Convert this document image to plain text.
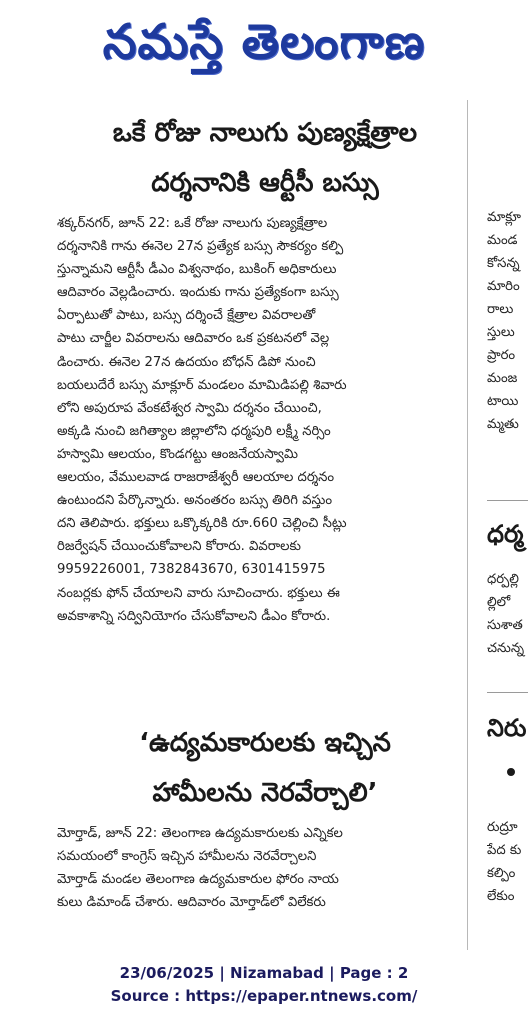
నమస్తే తెలంగాణ
ఒకే రోజు నాలుగు పుణ్యక్షేత్రాల
దర్శనానికి ఆర్టీసీ బస్సు
శక్కర్‌నగర్, జూన్ 22: ఒకే రోజు నాలుగు పుణ్యక్షేత్రాల
దర్శనానికి గాను ఈనెల 27న ప్రత్యేక బస్సు సౌకర్యం కల్పి
స్తున్నామని ఆర్టీసీ డీఎం విశ్వనాథం, బుకింగ్ అధికారులు
ఆదివారం వెల్లడించారు. ఇందుకు గాను ప్రత్యేకంగా బస్సు
ఏర్పాటుతో పాటు, బస్సు దర్శించే క్షేత్రాల వివరాలతో
పాటు చార్జీల వివరాలను ఆదివారం ఒక ప్రకటనలో వెల్ల
డించారు. ఈనెల 27న ఉదయం బోధన్ డిపో నుంచి
బయలుదేరే బస్సు మాక్లూర్ మండలం మామిడిపల్లి శివారు
లోని అపురూప వేంకటేశ్వర స్వామి దర్శనం చేయించి,
అక్కడి నుంచి జగిత్యాల జిల్లాలోని ధర్మపురి లక్ష్మీ నర్సిం
హస్వామి ఆలయం, కొండగట్టు ఆంజనేయస్వామి
ఆలయం, వేములవాడ రాజరాజేశ్వరీ ఆలయాల దర్శనం
ఉంటుందని పేర్కొన్నారు. అనంతరం బస్సు తిరిగి వస్తుం
దని తెలిపారు. భక్తులు ఒక్కొక్కరికి రూ.660 చెల్లించి సీట్లు
రిజర్వేషన్ చేయించుకోవాలని కోరారు. వివరాలకు
9959226001, 7382843670, 6301415975
నంబర్లకు ఫోన్ చేయాలని వారు సూచించారు. భక్తులు ఈ
అవకాశాన్ని సద్వినియోగం చేసుకోవాలని డీఎం కోరారు.
‘ఉద్యమకారులకు ఇచ్చిన
హామీలను నెరవేర్చాలి’
మోర్తాడ్, జూన్ 22: తెలంగాణ ఉద్యమకారులకు ఎన్నికల
సమయంలో కాంగ్రెస్ ఇచ్చిన హామీలను నెరవేర్చాలని
మోర్తాడ్ మండల తెలంగాణ ఉద్యమకారుల ఫోరం నాయ
కులు డిమాండ్ చేశారు. ఆదివారం మోర్తాడ్‌లో విలేకరు
మాక్లూ
మండ
కోసన్న
మారిం
రాలు
స్తులు
ప్రారం
మంజ
టాయి
మ్మతు
ధర్మ
ధర్పల్లి
ల్లిలో
సుశాత
చనున్న
నిరు
రుద్రూ
పేద కు
కల్పిం
లేకుం
23/06/2025 | Nizamabad | Page : 2
Source : https://epaper.ntnews.com/
